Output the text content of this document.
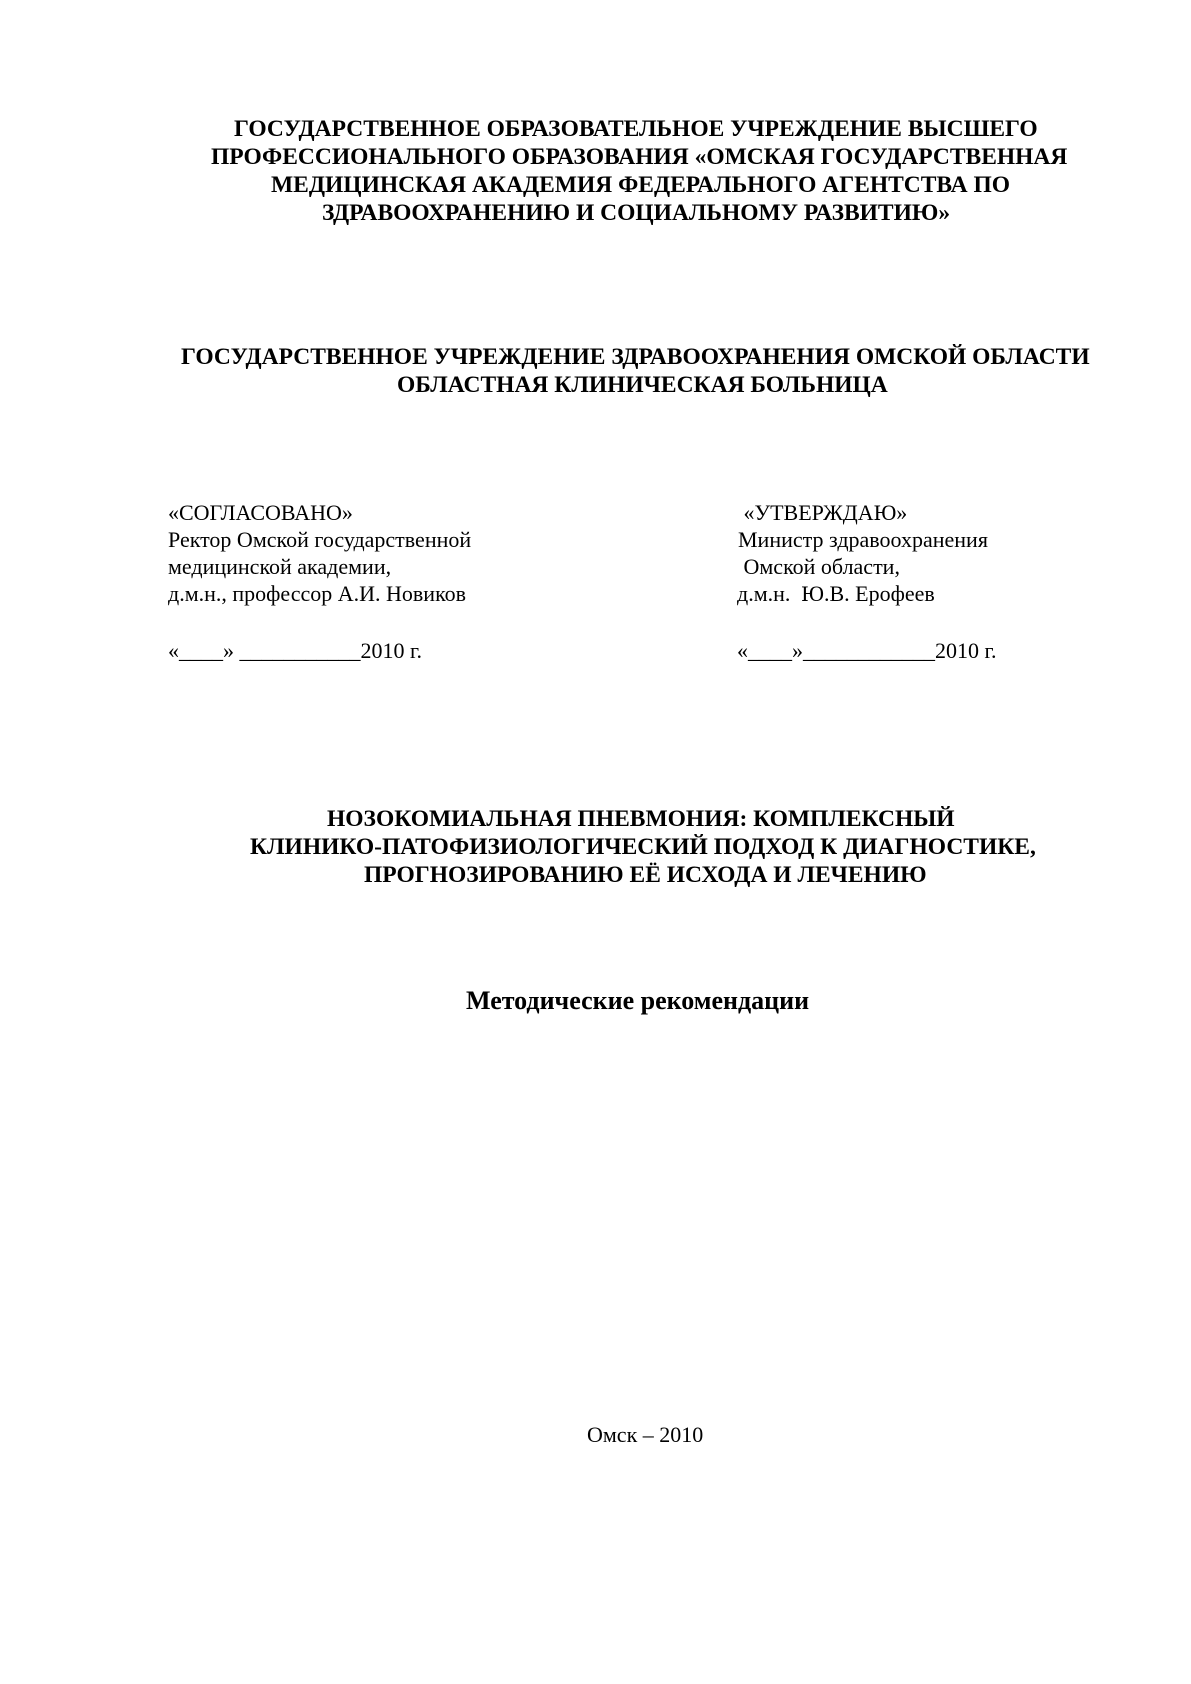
ГОСУДАРСТВЕННОЕ ОБРАЗОВАТЕЛЬНОЕ УЧРЕЖДЕНИЕ ВЫСШЕГО
ПРОФЕССИОНАЛЬНОГО ОБРАЗОВАНИЯ «ОМСКАЯ ГОСУДАРСТВЕННАЯ
МЕДИЦИНСКАЯ АКАДЕМИЯ ФЕДЕРАЛЬНОГО АГЕНТСТВА ПО
ЗДРАВООХРАНЕНИЮ И СОЦИАЛЬНОМУ РАЗВИТИЮ»
ГОСУДАРСТВЕННОЕ УЧРЕЖДЕНИЕ ЗДРАВООХРАНЕНИЯ ОМСКОЙ ОБЛАСТИ
ОБЛАСТНАЯ КЛИНИЧЕСКАЯ БОЛЬНИЦА
«СОГЛАСОВАНО»
Ректор Омской государственной
медицинской академии,
д.м.н., профессор А.И. Новиков
«____» ___________2010 г.
«УТВЕРЖДАЮ»
Министр здравоохранения
Омской области,
д.м.н.  Ю.В. Ерофеев
«____»____________2010 г.
НОЗОКОМИАЛЬНАЯ ПНЕВМОНИЯ: КОМПЛЕКСНЫЙ
КЛИНИКО-ПАТОФИЗИОЛОГИЧЕСКИЙ ПОДХОД К ДИАГНОСТИКЕ,
ПРОГНОЗИРОВАНИЮ ЕЁ ИСХОДА И ЛЕЧЕНИЮ
Методические рекомендации
Омск – 2010
